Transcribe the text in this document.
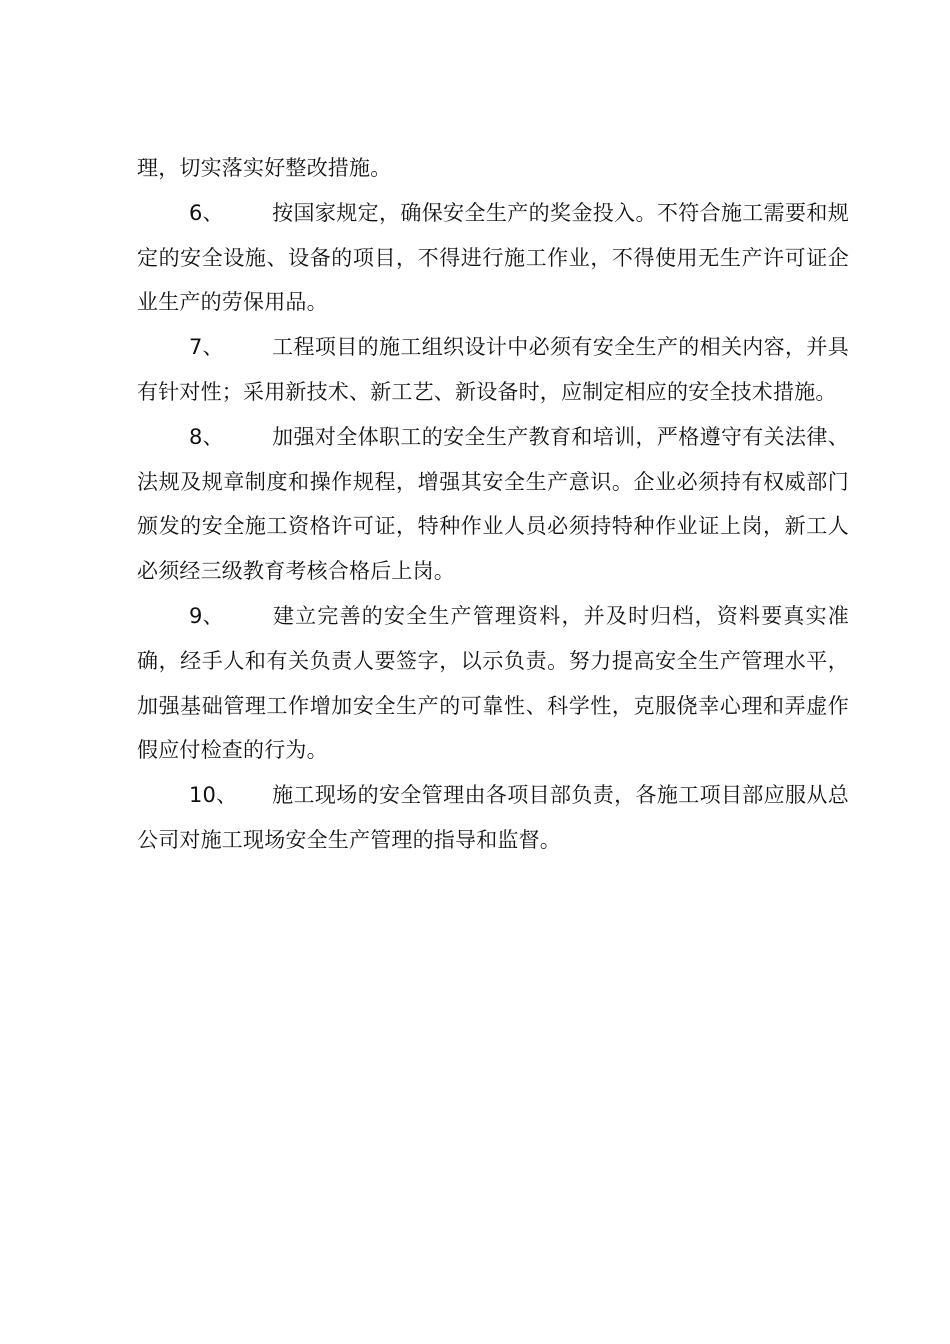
理，切实落实好整改措施。

6、 按国家规定，确保安全生产的奖金投入。不符合施工需要和规定的安全设施、设备的项目，不得进行施工作业，不得使用无生产许可证企业生产的劳保用品。

7、 工程项目的施工组织设计中必须有安全生产的相关内容，并具有针对性；采用新技术、新工艺、新设备时，应制定相应的安全技术措施。

8、 加强对全体职工的安全生产教育和培训，严格遵守有关法律、法规及规章制度和操作规程，增强其安全生产意识。企业必须持有权威部门颁发的安全施工资格许可证，特种作业人员必须持特种作业证上岗，新工人必须经三级教育考核合格后上岗。

9、 建立完善的安全生产管理资料，并及时归档，资料要真实准确，经手人和有关负责人要签字，以示负责。努力提高安全生产管理水平，加强基础管理工作增加安全生产的可靠性、科学性，克服侥幸心理和弄虚作假应付检查的行为。

10、 施工现场的安全管理由各项目部负责，各施工项目部应服从总公司对施工现场安全生产管理的指导和监督。
